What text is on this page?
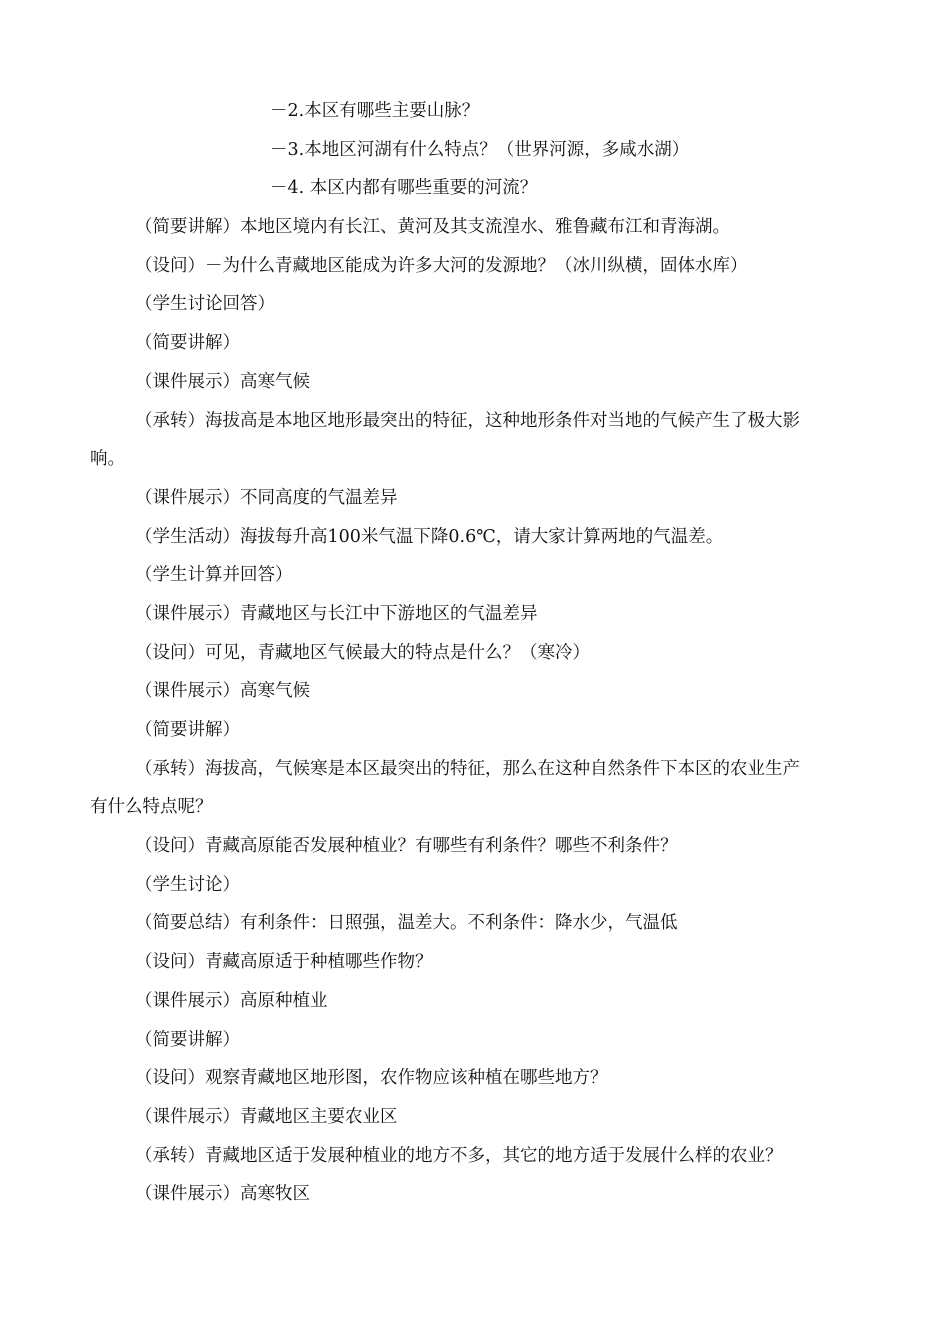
－2.本区有哪些主要山脉？
－3.本地区河湖有什么特点？（世界河源，多咸水湖）
－4. 本区内都有哪些重要的河流？
（简要讲解）本地区境内有长江、黄河及其支流湟水、雅鲁藏布江和青海湖。
（设问）－为什么青藏地区能成为许多大河的发源地？（冰川纵横，固体水库）
（学生讨论回答）
（简要讲解）
（课件展示）高寒气候
（承转）海拔高是本地区地形最突出的特征，这种地形条件对当地的气候产生了极大影
响。
（课件展示）不同高度的气温差异
（学生活动）海拔每升高100米气温下降0.6℃，请大家计算两地的气温差。
（学生计算并回答）
（课件展示）青藏地区与长江中下游地区的气温差异
（设问）可见，青藏地区气候最大的特点是什么？（寒冷）
（课件展示）高寒气候
（简要讲解）
（承转）海拔高，气候寒是本区最突出的特征，那么在这种自然条件下本区的农业生产
有什么特点呢？
（设问）青藏高原能否发展种植业？有哪些有利条件？哪些不利条件？
（学生讨论）
（简要总结）有利条件：日照强，温差大。不利条件：降水少，气温低
（设问）青藏高原适于种植哪些作物？
（课件展示）高原种植业
（简要讲解）
（设问）观察青藏地区地形图，农作物应该种植在哪些地方？
（课件展示）青藏地区主要农业区
（承转）青藏地区适于发展种植业的地方不多，其它的地方适于发展什么样的农业？
（课件展示）高寒牧区
